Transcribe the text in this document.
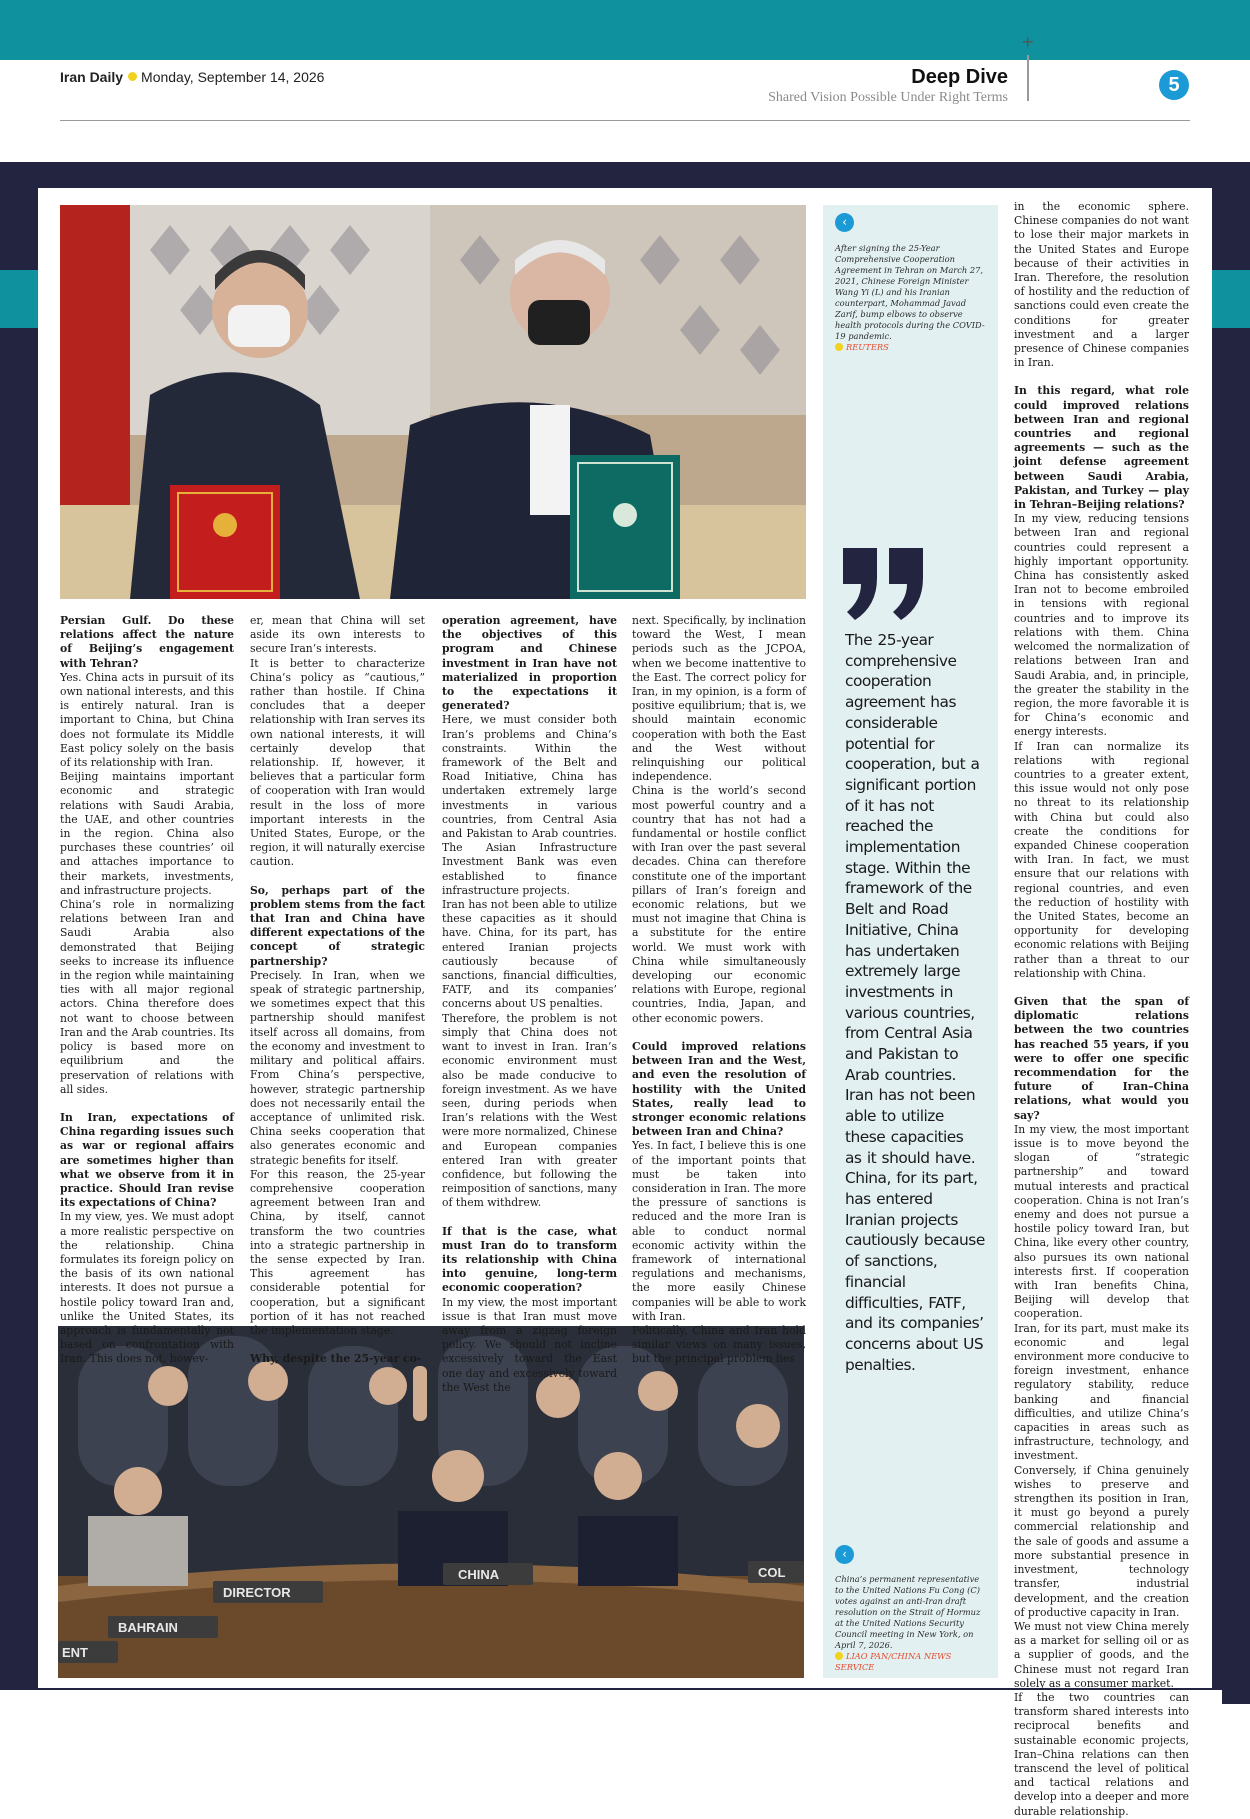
Iran Daily Monday, September 14, 2026	Deep Dive
Shared Vision Possible Under Right Terms
+
5
CHINA
DIRECTOR
BAHRAIN
ENT
COL
‹
After signing the 25-Year Comprehensive Cooperation Agreement in Tehran on March 27, 2021, Chinese Foreign Minister Wang Yi (L) and his Iranian counterpart, Mohammad Javad Zarif, bump elbows to observe health protocols during the COVID-19 pandemic.
REUTERS
The 25-year comprehensive cooperation agreement has considerable potential for cooperation, but a significant portion of it has not reached the implementation stage. Within the framework of the Belt and Road Initiative, China has undertaken extremely large investments in various countries, from Central Asia and Pakistan to Arab countries. Iran has not been able to utilize these capacities as it should have. China, for its part, has entered Iranian projects cautiously because of sanctions, financial difficulties, FATF, and its companies’ concerns about US penalties.
‹
China’s permanent representative to the United Nations Fu Cong (C) votes against an anti-Iran draft resolution on the Strait of Hormuz at the United Nations Security Council meeting in New York, on April 7, 2026.
LIAO PAN/CHINA NEWS SERVICE

Persian Gulf. Do these relations affect the nature of Beijing’s engagement with Tehran?

Yes. China acts in pursuit of its own national interests, and this is entirely natural. Iran is important to China, but China does not formulate its Middle East policy solely on the basis of its relationship with Iran.

Beijing maintains important economic and strategic relations with Saudi Arabia, the UAE, and other countries in the region. China also purchases these countries’ oil and attaches importance to their markets, investments, and infrastructure projects.

China’s role in normalizing relations between Iran and Saudi Arabia also demonstrated that Beijing seeks to increase its influence in the region while maintaining ties with all major regional actors. China therefore does not want to choose between Iran and the Arab countries. Its policy is based more on equilibrium and the preservation of relations with all sides.

In Iran, expectations of China regarding issues such as war or regional affairs are sometimes higher than what we observe from it in practice. Should Iran revise its expectations of China?

In my view, yes. We must adopt a more realistic perspective on the relationship. China formulates its foreign policy on the basis of its own national interests. It does not pursue a hostile policy toward Iran and, unlike the United States, its approach is fundamentally not based on confrontation with Iran. This does not, howev-

er, mean that China will set aside its own interests to secure Iran’s interests.

It is better to characterize China’s policy as “cautious,” rather than hostile. If China concludes that a deeper relationship with Iran serves its own national interests, it will certainly develop that relationship. If, however, it believes that a particular form of cooperation with Iran would result in the loss of more important interests in the United States, Europe, or the region, it will naturally exercise caution.

So, perhaps part of the problem stems from the fact that Iran and China have different expectations of the concept of strategic partnership?

Precisely. In Iran, when we speak of strategic partnership, we sometimes expect that this partnership should manifest itself across all domains, from the economy and investment to military and political affairs. From China’s perspective, however, strategic partnership does not necessarily entail the acceptance of unlimited risk. China seeks cooperation that also generates economic and strategic benefits for itself.

For this reason, the 25-year comprehensive cooperation agreement between Iran and China, by itself, cannot transform the two countries into a strategic partnership in the sense expected by Iran. This agreement has considerable potential for cooperation, but a significant portion of it has not reached the implementation stage.

Why, despite the 25-year co-

operation agreement, have the objectives of this program and Chinese investment in Iran have not materialized in proportion to the expectations it generated?

Here, we must consider both Iran’s problems and China’s constraints. Within the framework of the Belt and Road Initiative, China has undertaken extremely large investments in various countries, from Central Asia and Pakistan to Arab countries. The Asian Infrastructure Investment Bank was even established to finance infrastructure projects.

Iran has not been able to utilize these capacities as it should have. China, for its part, has entered Iranian projects cautiously because of sanctions, financial difficulties, FATF, and its companies’ concerns about US penalties.

Therefore, the problem is not simply that China does not want to invest in Iran. Iran’s economic environment must also be made conducive to foreign investment. As we have seen, during periods when Iran’s relations with the West were more normalized, Chinese and European companies entered Iran with greater confidence, but following the reimposition of sanctions, many of them withdrew.

If that is the case, what must Iran do to transform its relationship with China into genuine, long-term economic cooperation?

In my view, the most important issue is that Iran must move away from a zigzag foreign policy. We should not incline excessively toward the East one day and excessively toward the West the

next. Specifically, by inclination toward the West, I mean periods such as the JCPOA, when we become inattentive to the East. The correct policy for Iran, in my opinion, is a form of positive equilibrium; that is, we should maintain economic cooperation with both the East and the West without relinquishing our political independence.

China is the world’s second most powerful country and a country that has not had a fundamental or hostile conflict with Iran over the past several decades. China can therefore constitute one of the important pillars of Iran’s foreign and economic relations, but we must not imagine that China is a substitute for the entire world. We must work with China while simultaneously developing our economic relations with Europe, regional countries, India, Japan, and other economic powers.

Could improved relations between Iran and the West, and even the resolution of hostility with the United States, really lead to stronger economic relations between Iran and China?

Yes. In fact, I believe this is one of the important points that must be taken into consideration in Iran. The more the pressure of sanctions is reduced and the more Iran is able to conduct normal economic activity within the framework of international regulations and mechanisms, the more easily Chinese companies will be able to work with Iran.

Politically, China and Iran hold similar views on many issues, but the principal problem lies

in the economic sphere. Chinese companies do not want to lose their major markets in the United States and Europe because of their activities in Iran. Therefore, the resolution of hostility and the reduction of sanctions could even create the conditions for greater investment and a larger presence of Chinese companies in Iran.

In this regard, what role could improved relations between Iran and regional countries and regional agreements — such as the joint defense agreement between Saudi Arabia, Pakistan, and Turkey — play in Tehran–Beijing relations?

In my view, reducing tensions between Iran and regional countries could represent a highly important opportunity. China has consistently asked Iran not to become embroiled in tensions with regional countries and to improve its relations with them. China welcomed the normalization of relations between Iran and Saudi Arabia, and, in principle, the greater the stability in the region, the more favorable it is for China’s economic and energy interests.

If Iran can normalize its relations with regional countries to a greater extent, this issue would not only pose no threat to its relationship with China but could also create the conditions for expanded Chinese cooperation with Iran. In fact, we must ensure that our relations with regional countries, and even the reduction of hostility with the United States, become an opportunity for developing economic relations with Beijing rather than a threat to our relationship with China.

Given that the span of diplomatic relations between the two countries has reached 55 years, if you were to offer one specific recommendation for the future of Iran–China relations, what would you say?

In my view, the most important issue is to move beyond the slogan of “strategic partnership” and toward mutual interests and practical cooperation. China is not Iran’s enemy and does not pursue a hostile policy toward Iran, but China, like every other country, also pursues its own national interests first. If cooperation with Iran benefits China, Beijing will develop that cooperation.

Iran, for its part, must make its economic and legal environment more conducive to foreign investment, enhance regulatory stability, reduce banking and financial difficulties, and utilize China’s capacities in areas such as infrastructure, technology, and investment.

Conversely, if China genuinely wishes to preserve and strengthen its position in Iran, it must go beyond a purely commercial relationship and the sale of goods and assume a more substantial presence in investment, technology transfer, industrial development, and the creation of productive capacity in Iran.

We must not view China merely as a market for selling oil or as a supplier of goods, and the Chinese must not regard Iran solely as a consumer market.

If the two countries can transform shared interests into reciprocal benefits and sustainable economic projects, Iran–China relations can then transcend the level of political and tactical relations and develop into a deeper and more durable relationship.
